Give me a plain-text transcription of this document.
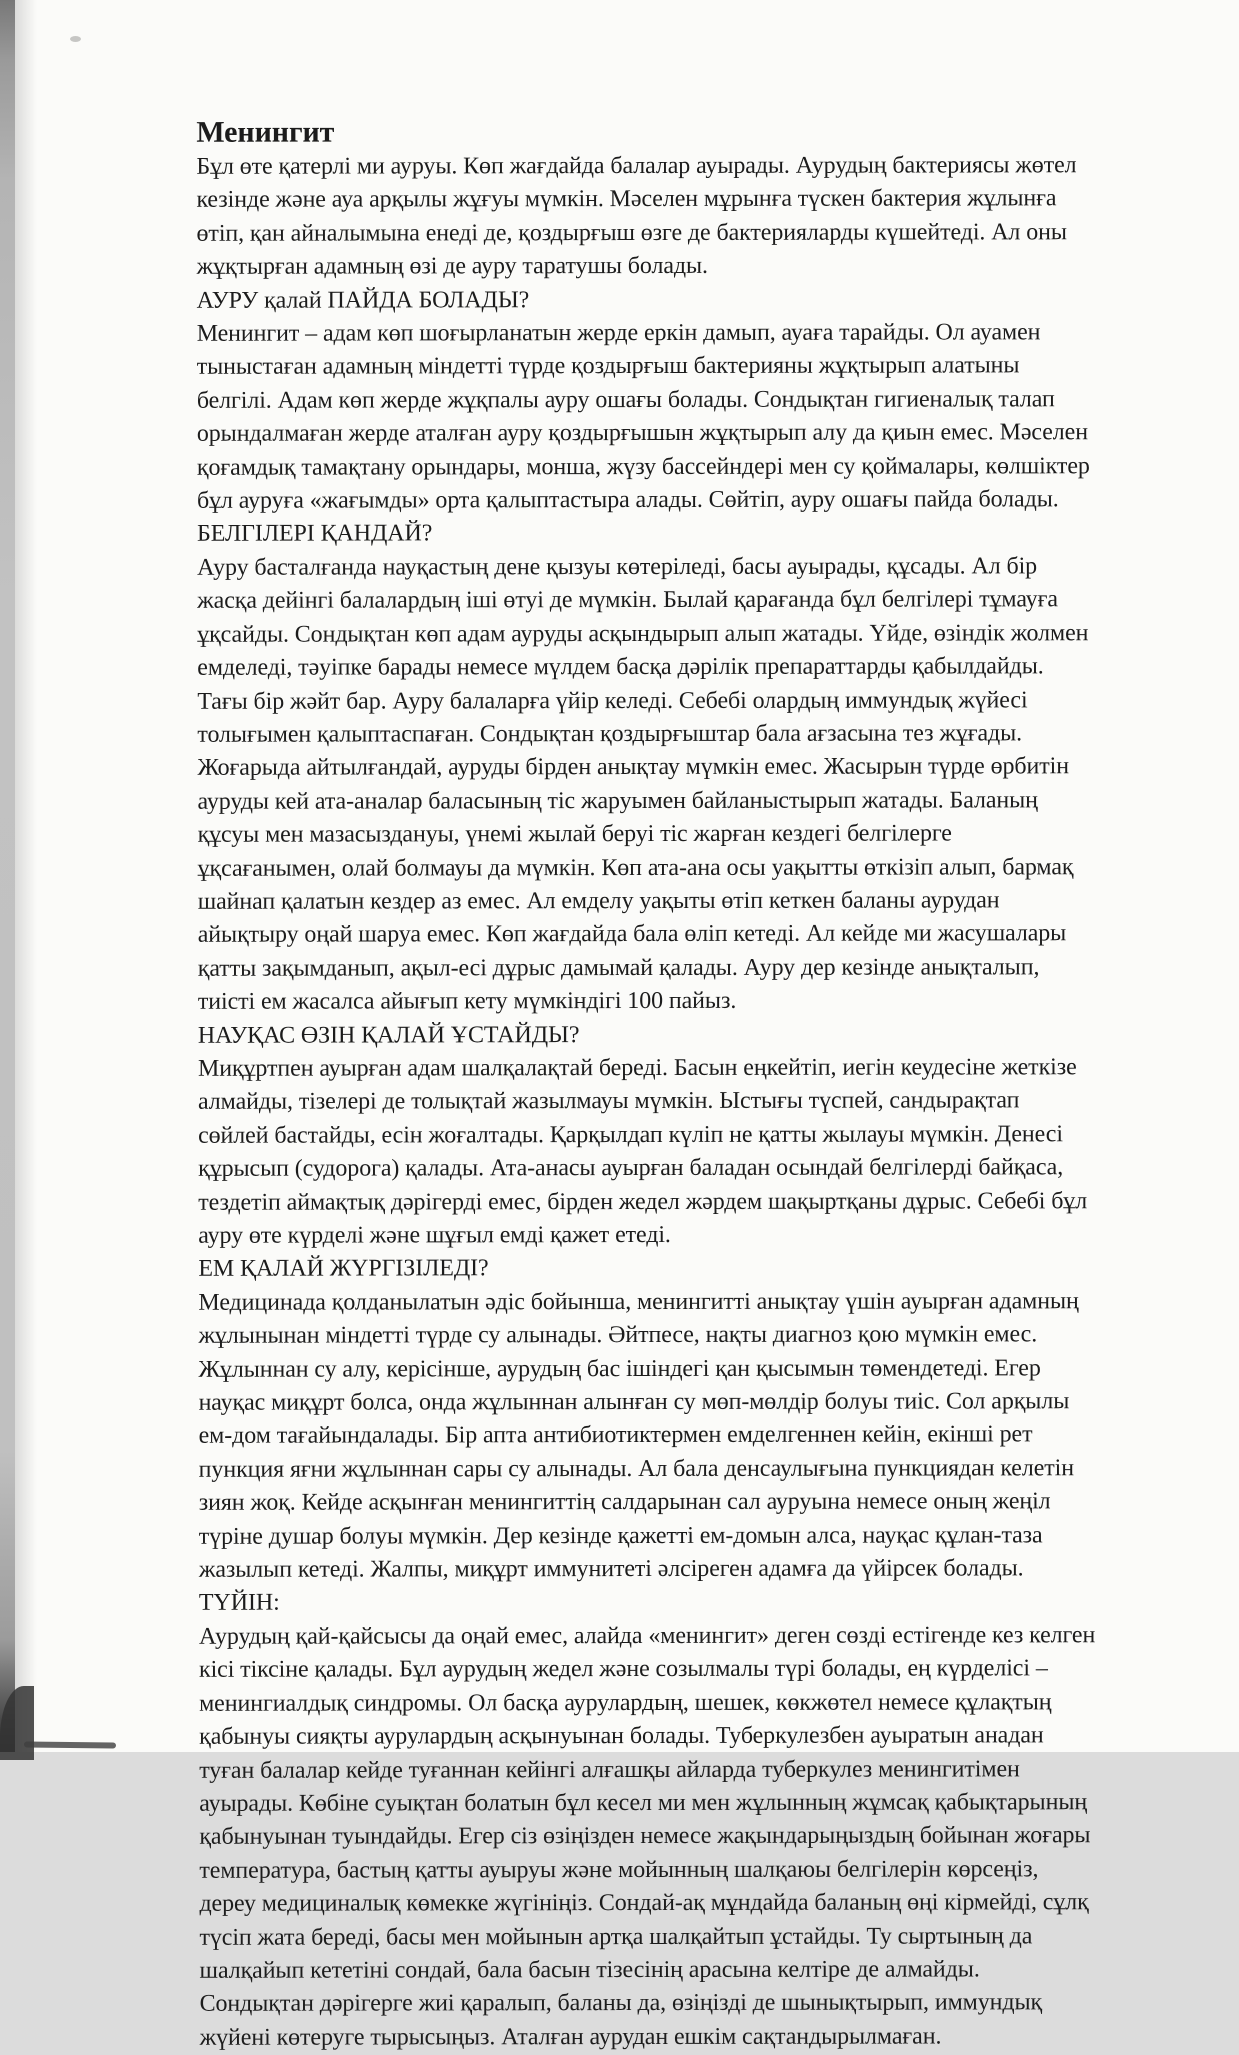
Менингит
Бұл өте қатерлі ми ауруы. Көп жағдайда балалар ауырады. Аурудың бактериясы жөтел кезінде және ауа арқылы жұғуы мүмкін. Мәселен мұрынға түскен бактерия жұлынға өтіп, қан айналымына енеді де, қоздырғыш өзге де бактерияларды күшейтеді. Ал оны жұқтырған адамның өзі де ауру таратушы болады.
АУРУ қалай ПАЙДА БОЛАДЫ?
Менингит – адам көп шоғырланатын жерде еркін дамып, ауаға тарайды. Ол ауамен тыныстаған адамның міндетті түрде қоздырғыш бактерияны жұқтырып алатыны белгілі. Адам көп жерде жұқпалы ауру ошағы болады. Сондықтан гигиеналық талап орындалмаған жерде аталған ауру қоздырғышын жұқтырып алу да қиын емес. Мәселен қоғамдық тамақтану орындары, монша, жүзу бассейндері мен су қоймалары, көлшіктер бұл ауруға «жағымды» орта қалыптастыра алады. Сөйтіп, ауру ошағы пайда болады.
БЕЛГІЛЕРІ ҚАНДАЙ?
Ауру басталғанда науқастың дене қызуы көтеріледі, басы ауырады, құсады. Ал бір жасқа дейінгі балалардың іші өтуі де мүмкін. Былай қарағанда бұл белгілері тұмауға ұқсайды. Сондықтан көп адам ауруды асқындырып алып жатады. Үйде, өзіндік жолмен емделеді, тәуіпке барады немесе мүлдем басқа дәрілік препараттарды қабылдайды. Тағы бір жәйт бар. Ауру балаларға үйір келеді. Себебі олардың иммундық жүйесі толығымен қалыптаспаған. Сондықтан қоздырғыштар бала ағзасына тез жұғады. Жоғарыда айтылғандай, ауруды бірден анықтау мүмкін емес. Жасырын түрде өрбитін ауруды кей ата-аналар баласының тіс жаруымен байланыстырып жатады. Баланың құсуы мен мазасыздануы, үнемі жылай беруі тіс жарған кездегі белгілерге ұқсағанымен, олай болмауы да мүмкін. Көп ата-ана осы уақытты өткізіп алып, бармақ шайнап қалатын кездер аз емес. Ал емделу уақыты өтіп кеткен баланы аурудан айықтыру оңай шаруа емес. Көп жағдайда бала өліп кетеді. Ал кейде ми жасушалары қатты зақымданып, ақыл-есі дұрыс дамымай қалады. Ауру дер кезінде анықталып, тиісті ем жасалса айығып кету мүмкіндігі 100 пайыз.
НАУҚАС ӨЗІН ҚАЛАЙ ҰСТАЙДЫ?
Миқұртпен ауырған адам шалқалақтай береді. Басын еңкейтіп, иегін кеудесіне жеткізе алмайды, тізелері де толықтай жазылмауы мүмкін. Ыстығы түспей, сандырақтап сөйлей бастайды, есін жоғалтады. Қарқылдап күліп не қатты жылауы мүмкін. Денесі құрысып (судорога) қалады. Ата-анасы ауырған баладан осындай белгілерді байқаса, тездетіп аймақтық дәрігерді емес, бірден жедел жәрдем шақыртқаны дұрыс. Себебі бұл ауру өте күрделі және шұғыл емді қажет етеді.
ЕМ ҚАЛАЙ ЖҮРГІЗІЛЕДІ?
Медицинада қолданылатын әдіс бойынша, менингитті анықтау үшін ауырған адамның жұлынынан міндетті түрде су алынады. Әйтпесе, нақты диагноз қою мүмкін емес. Жұлыннан су алу, керісінше, аурудың бас ішіндегі қан қысымын төмендетеді. Егер науқас миқұрт болса, онда жұлыннан алынған су мөп-мөлдір болуы тиіс. Сол арқылы ем-дом тағайындалады. Бір апта антибиотиктермен емделгеннен кейін, екінші рет пункция яғни жұлыннан сары су алынады. Ал бала денсаулығына пункциядан келетін зиян жоқ. Кейде асқынған менингиттің салдарынан сал ауруына немесе оның жеңіл түріне душар болуы мүмкін. Дер кезінде қажетті ем-домын алса, науқас құлан-таза жазылып кетеді. Жалпы, миқұрт иммунитеті әлсіреген адамға да үйірсек болады.
ТҮЙІН:
Аурудың қай-қайсысы да оңай емес, алайда «менингит» деген сөзді естігенде кез келген кісі тіксіне қалады. Бұл аурудың жедел және созылмалы түрі болады, ең күрделісі – менингиалдық синдромы. Ол басқа аурулардың, шешек, көкжөтел немесе құлақтың қабынуы сияқты аурулардың асқынуынан болады. Туберкулезбен ауыратын анадан туған балалар кейде туғаннан кейінгі алғашқы айларда туберкулез менингитімен ауырады. Көбіне суықтан болатын бұл кесел ми мен жұлынның жұмсақ қабықтарының қабынуынан туындайды. Егер сіз өзіңізден немесе жақындарыңыздың бойынан жоғары температура, бастың қатты ауыруы және мойынның шалқаюы белгілерін көрсеңіз, дереу медициналық көмекке жүгініңіз. Сондай-ақ мұндайда баланың өңі кірмейді, сұлқ түсіп жата береді, басы мен мойынын артқа шалқайтып ұстайды. Ту сыртының да шалқайып кететіні сондай, бала басын тізесінің арасына келтіре де алмайды. Сондықтан дәрігерге жиі қаралып, баланы да, өзіңізді де шынықтырып, иммундық жүйені көтеруге тырысыңыз. Аталған аурудан ешкім сақтандырылмаған.
